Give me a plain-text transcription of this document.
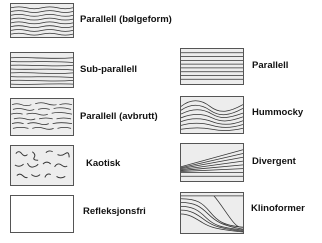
Parallell (bølgeform)
Sub-parallell
Parallell (avbrutt)
Kaotisk
Refleksjonsfri
Parallell
Hummocky
Divergent
Klinoformer
